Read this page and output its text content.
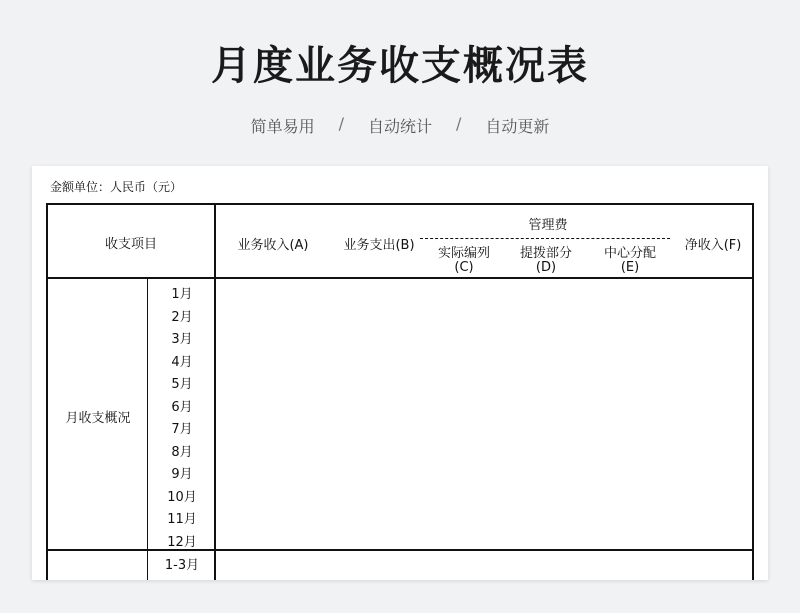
月度业务收支概况表
简单易用 / 自动统计 / 自动更新
金额单位：人民币（元）
收支项目	业务收入(A)	业务支出(B)
管理费
实际编列
(C)
提拨部分
(D)
中心分配
(E)
净收入(F)
月收支概况
1月
2月
3月
4月
5月
6月
7月
8月
9月
10月
11月
12月
1-3月
